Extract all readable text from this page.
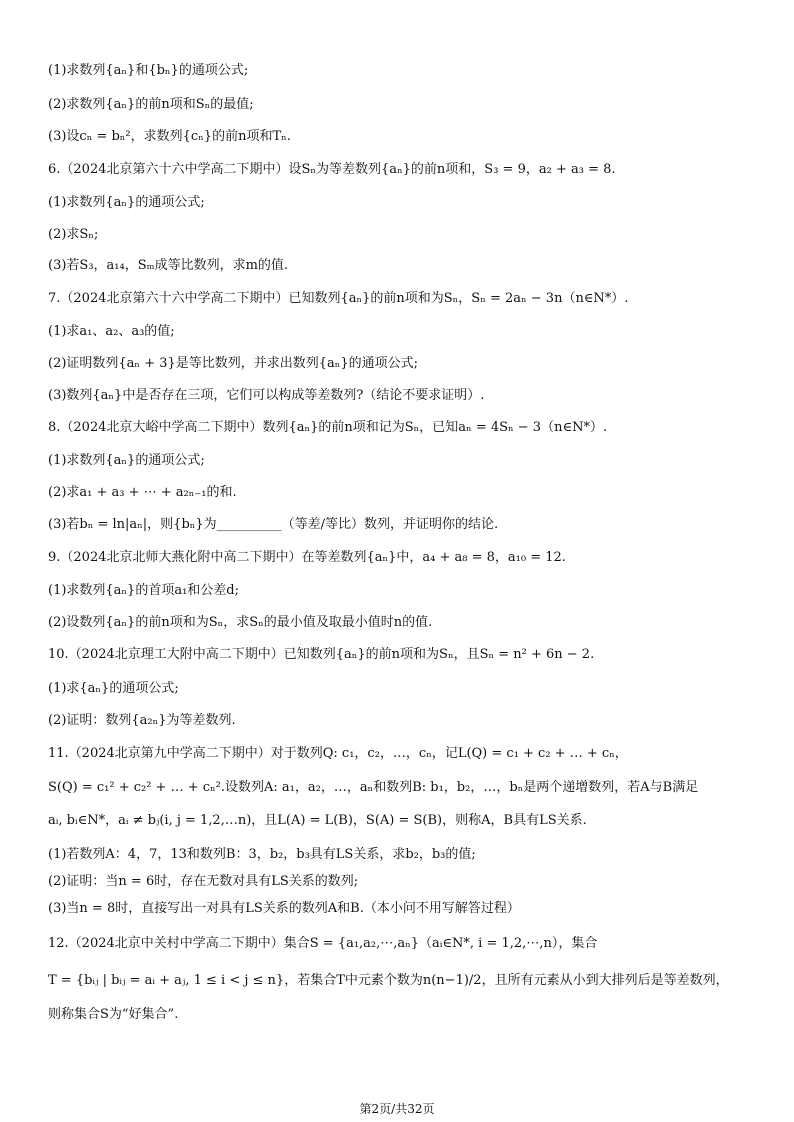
(1)求数列{aₙ}和{bₙ}的通项公式;
(2)求数列{aₙ}的前n项和Sₙ的最值;
(3)设cₙ = bₙ²，求数列{cₙ}的前n项和Tₙ.
6.（2024北京第六十六中学高二下期中）设Sₙ为等差数列{aₙ}的前n项和，S₃ = 9，a₂ + a₃ = 8.
(1)求数列{aₙ}的通项公式;
(2)求Sₙ;
(3)若S₃，a₁₄，Sₘ成等比数列，求m的值.
7.（2024北京第六十六中学高二下期中）已知数列{aₙ}的前n项和为Sₙ，Sₙ = 2aₙ − 3n（n∈N*）.
(1)求a₁、a₂、a₃的值;
(2)证明数列{aₙ + 3}是等比数列，并求出数列{aₙ}的通项公式;
(3)数列{aₙ}中是否存在三项，它们可以构成等差数列?（结论不要求证明）.
8.（2024北京大峪中学高二下期中）数列{aₙ}的前n项和记为Sₙ，已知aₙ = 4Sₙ − 3（n∈N*）.
(1)求数列{aₙ}的通项公式;
(2)求a₁ + a₃ + ⋯ + a₂ₙ₋₁的和.
(3)若bₙ = ln|aₙ|，则{bₙ}为__________（等差/等比）数列，并证明你的结论.
9.（2024北京北师大燕化附中高二下期中）在等差数列{aₙ}中，a₄ + a₈ = 8，a₁₀ = 12.
(1)求数列{aₙ}的首项a₁和公差d;
(2)设数列{aₙ}的前n项和为Sₙ，求Sₙ的最小值及取最小值时n的值.
10.（2024北京理工大附中高二下期中）已知数列{aₙ}的前n项和为Sₙ，且Sₙ = n² + 6n − 2.
(1)求{aₙ}的通项公式;
(2)证明：数列{a₂ₙ}为等差数列.
11.（2024北京第九中学高二下期中）对于数列Q: c₁，c₂，…，cₙ，记L(Q) = c₁ + c₂ + … + cₙ，
S(Q) = c₁² + c₂² + … + cₙ².设数列A: a₁，a₂，…，aₙ和数列B: b₁，b₂，…，bₙ是两个递增数列，若A与B满足
aᵢ, bᵢ∈N*，aᵢ ≠ bⱼ(i, j = 1,2,…n)，且L(A) = L(B)，S(A) = S(B)，则称A，B具有LS关系.
(1)若数列A：4，7，13和数列B：3，b₂，b₃具有LS关系，求b₂，b₃的值;
(2)证明：当n = 6时，存在无数对具有LS关系的数列;
(3)当n = 8时，直接写出一对具有LS关系的数列A和B.（本小问不用写解答过程）
12.（2024北京中关村中学高二下期中）集合S = {a₁,a₂,⋯,aₙ}（aᵢ∈N*, i = 1,2,⋯,n），集合
T = {bᵢⱼ | bᵢⱼ = aᵢ + aⱼ, 1 ≤ i < j ≤ n}，若集合T中元素个数为n(n−1)/2，且所有元素从小到大排列后是等差数列，
则称集合S为“好集合”.
第2页/共32页
